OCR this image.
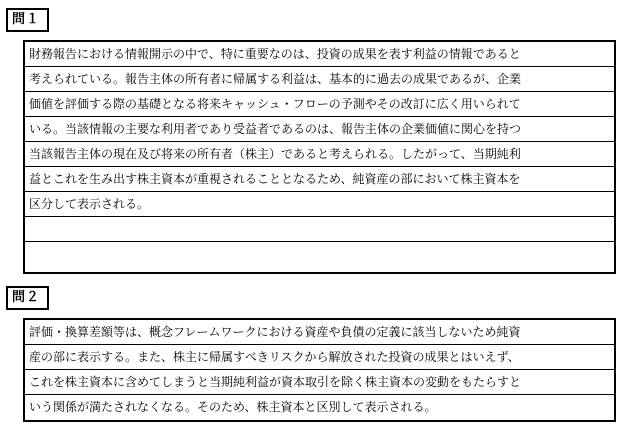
問１
財務報告における情報開示の中で、特に重要なのは、投資の成果を表す利益の情報であると
考えられている。報告主体の所有者に帰属する利益は、基本的に過去の成果であるが、企業
価値を評価する際の基礎となる将来キャッシュ・フローの予測やその改訂に広く用いられて
いる。当該情報の主要な利用者であり受益者であるのは、報告主体の企業価値に関心を持つ
当該報告主体の現在及び将来の所有者（株主）であると考えられる。したがって、当期純利
益とこれを生み出す株主資本が重視されることとなるため、純資産の部において株主資本を
区分して表示される。
問２
評価・換算差額等は、概念フレームワークにおける資産や負債の定義に該当しないため純資
産の部に表示する。また、株主に帰属すべきリスクから解放された投資の成果とはいえず、
これを株主資本に含めてしまうと当期純利益が資本取引を除く株主資本の変動をもたらすと
いう関係が満たされなくなる。そのため、株主資本と区別して表示される。
